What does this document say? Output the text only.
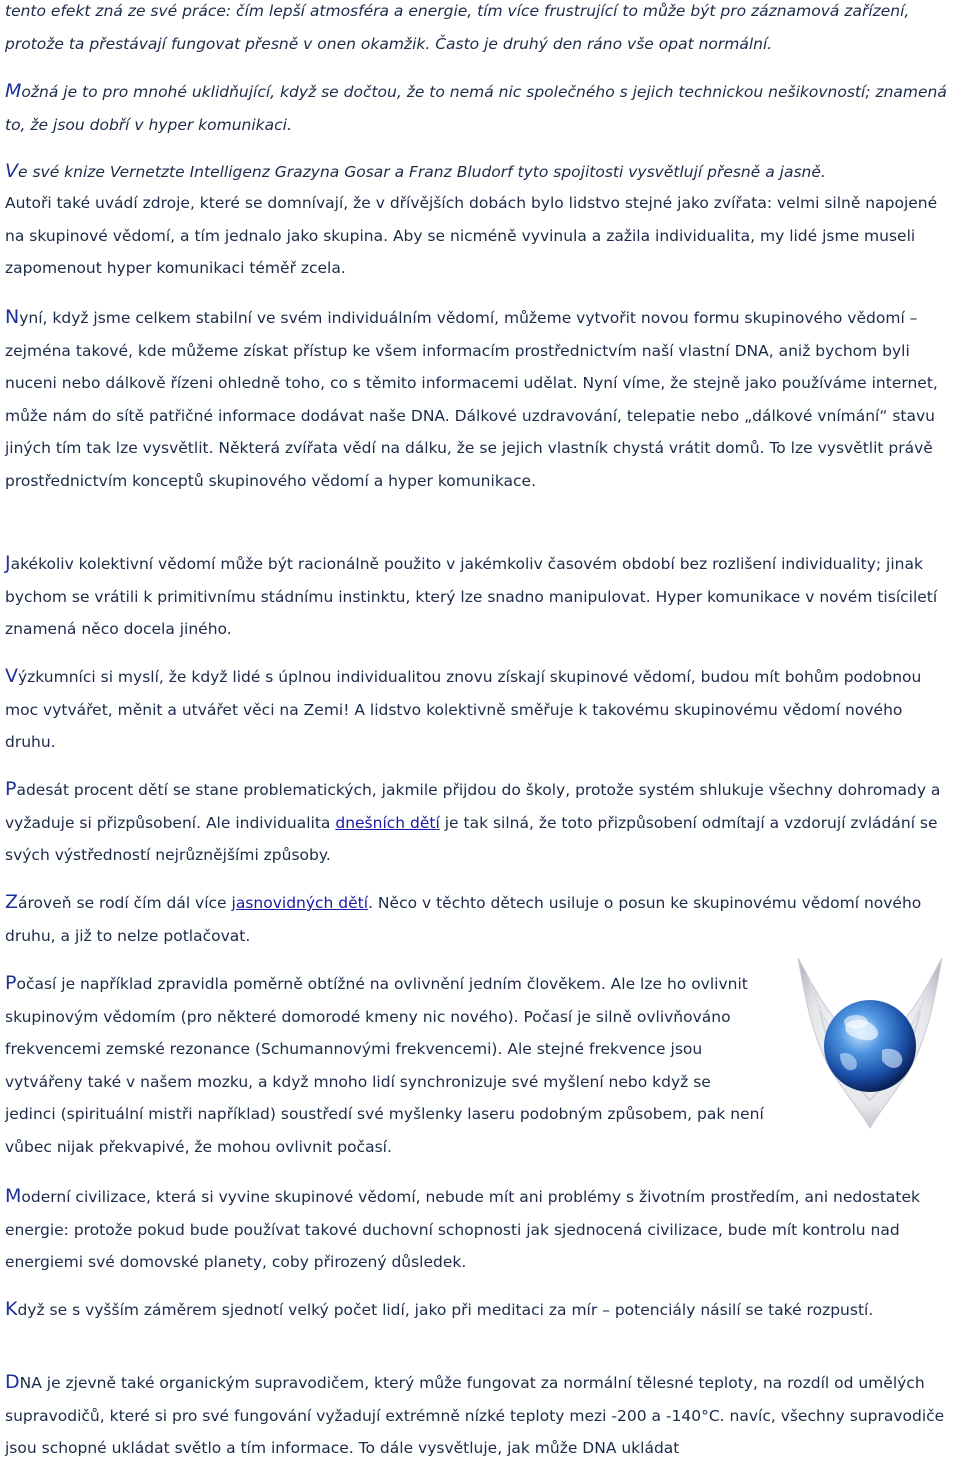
tento efekt zná ze své práce: čím lepší atmosféra a energie, tím více frustrující to může být pro záznamová zařízení, protože ta přestávají fungovat přesně v onen okamžik. Často je druhý den ráno vše opat normální.

Možná je to pro mnohé uklidňující, když se dočtou, že to nemá nic společného s jejich technickou nešikovností; znamená to, že jsou dobří v hyper komunikaci.

Ve své knize Vernetzte Intelligenz Grazyna Gosar a Franz Bludorf tyto spojitosti vysvětlují přesně a jasně.

Autoři také uvádí zdroje, které se domnívají, že v dřívějších dobách bylo lidstvo stejné jako zvířata: velmi silně napojené na skupinové vědomí, a tím jednalo jako skupina. Aby se nicméně vyvinula a zažila individualita, my lidé jsme museli zapomenout hyper komunikaci téměř zcela.

Nyní, když jsme celkem stabilní ve svém individuálním vědomí, můžeme vytvořit novou formu skupinového vědomí – zejména takové, kde můžeme získat přístup ke všem informacím prostřednictvím naší vlastní DNA, aniž bychom byli nuceni nebo dálkově řízeni ohledně toho, co s těmito informacemi udělat. Nyní víme, že stejně jako používáme internet, může nám do sítě patřičné informace dodávat naše DNA. Dálkové uzdravování, telepatie nebo „dálkové vnímání“ stavu jiných tím tak lze vysvětlit. Některá zvířata vědí na dálku, že se jejich vlastník chystá vrátit domů. To lze vysvětlit právě prostřednictvím konceptů skupinového vědomí a hyper komunikace.

Jakékoliv kolektivní vědomí může být racionálně použito v jakémkoliv časovém období bez rozlišení individuality; jinak bychom se vrátili k primitivnímu stádnímu instinktu, který lze snadno manipulovat. Hyper komunikace v novém tisíciletí znamená něco docela jiného.

Výzkumníci si myslí, že když lidé s úplnou individualitou znovu získají skupinové vědomí, budou mít bohům podobnou moc vytvářet, měnit a utvářet věci na Zemi! A lidstvo kolektivně směřuje k takovému skupinovému vědomí nového druhu.

Padesát procent dětí se stane problematických, jakmile přijdou do školy, protože systém shlukuje všechny dohromady a vyžaduje si přizpůsobení. Ale individualita dnešních dětí je tak silná, že toto přizpůsobení odmítají a vzdorují zvládání se svých výstředností nejrůznějšími způsoby.

Zároveň se rodí čím dál více jasnovidných dětí. Něco v těchto dětech usiluje o posun ke skupinovému vědomí nového druhu, a již to nelze potlačovat.

Počasí je například zpravidla poměrně obtížné na ovlivnění jedním člověkem. Ale lze ho ovlivnit skupinovým vědomím (pro některé domorodé kmeny nic nového). Počasí je silně ovlivňováno frekvencemi zemské rezonance (Schumannovými frekvencemi). Ale stejné frekvence jsou vytvářeny také v našem mozku, a když mnoho lidí synchronizuje své myšlení nebo když se jedinci (spirituální mistři například) soustředí své myšlenky laseru podobným způsobem, pak není vůbec nijak překvapivé, že mohou ovlivnit počasí.

Moderní civilizace, která si vyvine skupinové vědomí, nebude mít ani problémy s životním prostředím, ani nedostatek energie: protože pokud bude používat takové duchovní schopnosti jak sjednocená civilizace, bude mít kontrolu nad energiemi své domovské planety, coby přirozený důsledek.

Když se s vyšším záměrem sjednotí velký počet lidí, jako při meditaci za mír – potenciály násilí se také rozpustí.

DNA je zjevně také organickým supravodičem, který může fungovat za normální tělesné teploty, na rozdíl od umělých supravodičů, které si pro své fungování vyžadují extrémně nízké teploty mezi -200 a -140°C. navíc, všechny supravodiče jsou schopné ukládat světlo a tím informace. To dále vysvětluje, jak může DNA ukládat
